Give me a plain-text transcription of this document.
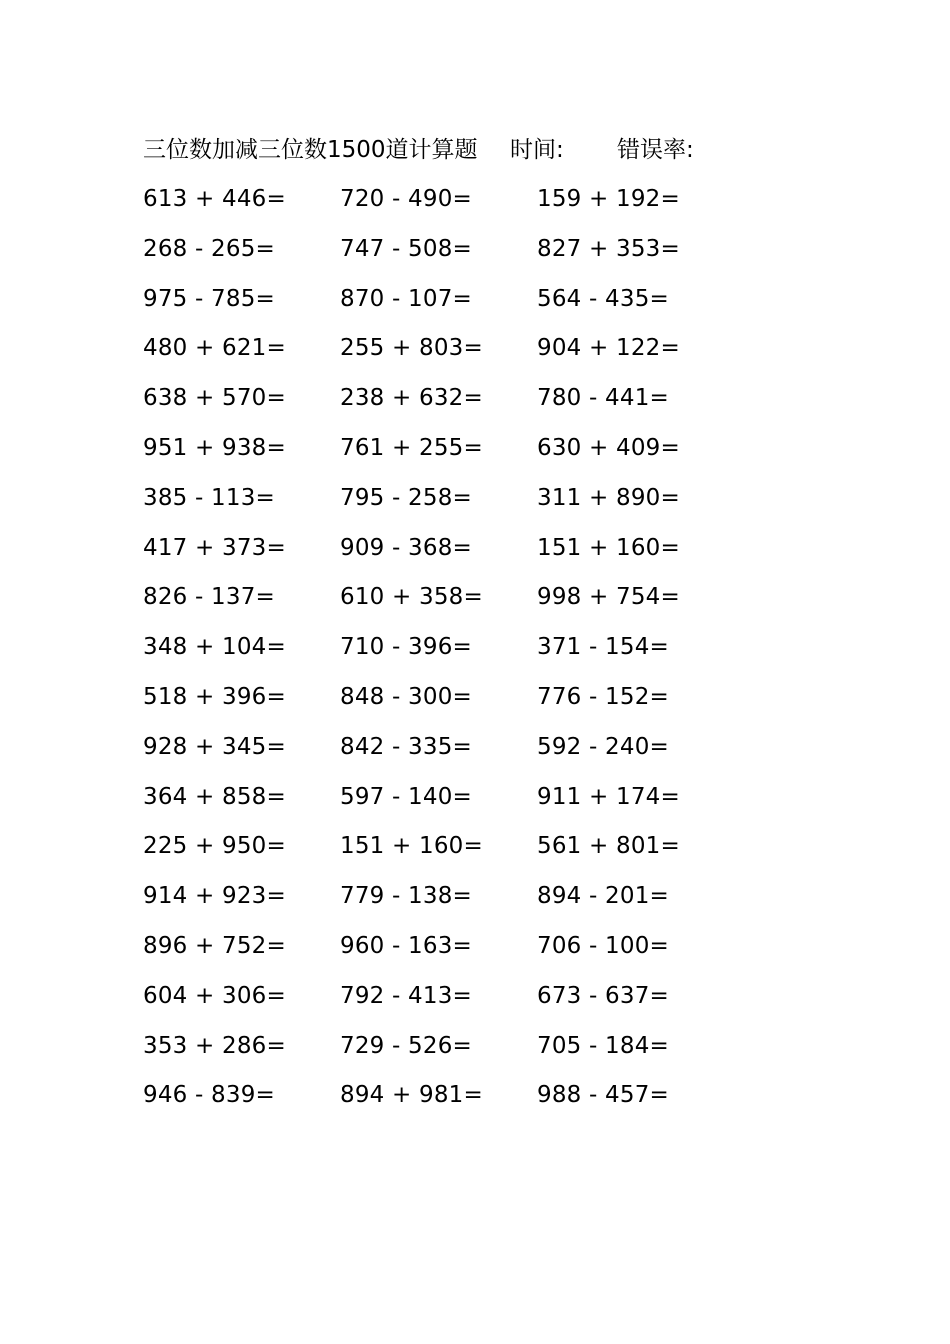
三位数加减三位数1500道计算题 时间: 错误率:
613 + 446= 720 - 490=	159 + 192=
268 - 265=	747 - 508=	827 + 353=
975 - 785=	870 - 107=	564 - 435=
480 + 621= 255 + 803= 904 + 122=
638 + 570= 238 + 632= 780 - 441=
951 + 938= 761 + 255= 630 + 409=
385 - 113=	795 - 258=	311 + 890=
417 + 373= 909 - 368=	151 + 160=
826 - 137=	610 + 358= 998 + 754=
348 + 104= 710 - 396=	371 - 154=
518 + 396= 848 - 300=	776 - 152=
928 + 345= 842 - 335=	592 - 240=
364 + 858= 597 - 140=	911 + 174=
225 + 950= 151 + 160= 561 + 801=
914 + 923= 779 - 138=	894 - 201=
896 + 752= 960 - 163=	706 - 100=
604 + 306= 792 - 413=	673 - 637=
353 + 286= 729 - 526=	705 - 184=
946 - 839=	894 + 981= 988 - 457=
